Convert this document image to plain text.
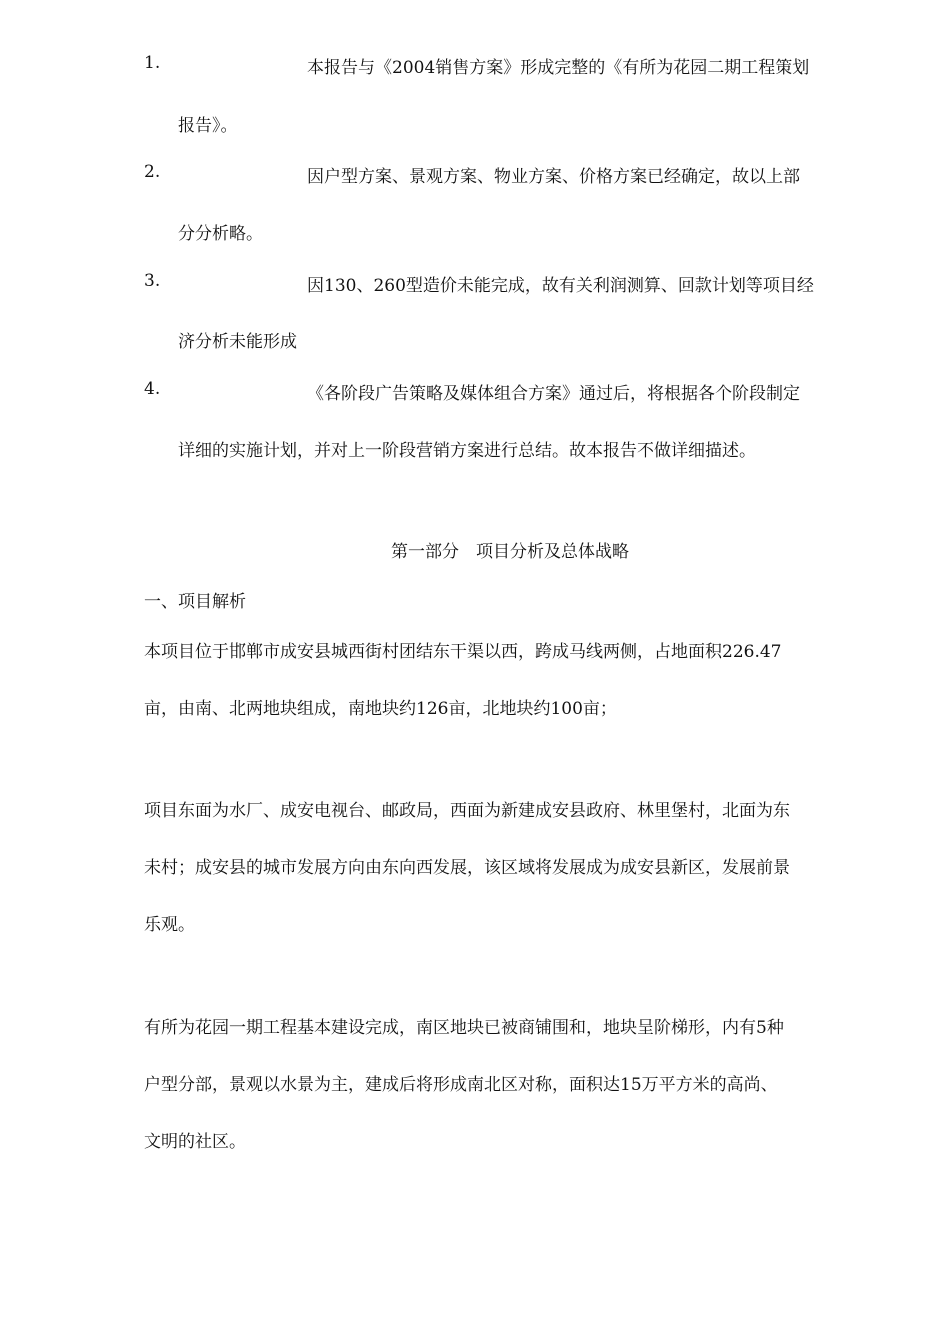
1.	本报告与《2004销售方案》形成完整的《有所为花园二期工程策划
报告》。
2.	因户型方案、景观方案、物业方案、价格方案已经确定，故以上部
分分析略。
3.	因130、260型造价未能完成，故有关利润测算、回款计划等项目经
济分析未能形成
4.	《各阶段广告策略及媒体组合方案》通过后，将根据各个阶段制定
详细的实施计划，并对上一阶段营销方案进行总结。故本报告不做详细描述。
第一部分　项目分析及总体战略
一、项目解析
本项目位于邯郸市成安县城西街村团结东干渠以西，跨成马线两侧，占地面积226.47
亩，由南、北两地块组成，南地块约126亩，北地块约100亩；
项目东面为水厂、成安电视台、邮政局，西面为新建成安县政府、林里堡村，北面为东
未村；成安县的城市发展方向由东向西发展，该区域将发展成为成安县新区，发展前景
乐观。
有所为花园一期工程基本建设完成，南区地块已被商铺围和，地块呈阶梯形，内有5种
户型分部，景观以水景为主，建成后将形成南北区对称，面积达15万平方米的高尚、
文明的社区。
